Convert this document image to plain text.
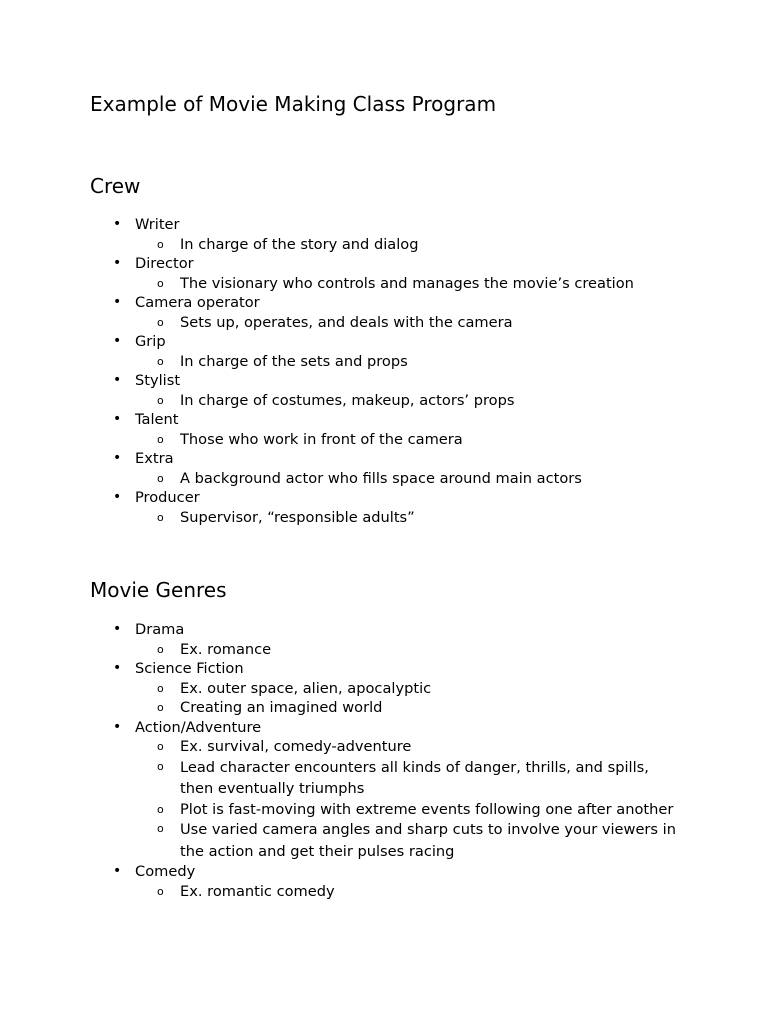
Example of Movie Making Class Program
Crew
• Writer
o In charge of the story and dialog
• Director
o The visionary who controls and manages the movie’s creation
• Camera operator
o Sets up, operates, and deals with the camera
• Grip
o In charge of the sets and props
• Stylist
o In charge of costumes, makeup, actors’ props
• Talent
o Those who work in front of the camera
• Extra
o A background actor who fills space around main actors
• Producer
o Supervisor, “responsible adults”
Movie Genres
• Drama
o Ex. romance
• Science Fiction
o Ex. outer space, alien, apocalyptic
o Creating an imagined world
• Action/Adventure
o Ex. survival, comedy-adventure
o Lead character encounters all kinds of danger, thrills, and spills, then eventually triumphs
o Plot is fast-moving with extreme events following one after another
o Use varied camera angles and sharp cuts to involve your viewers in the action and get their pulses racing
• Comedy
o Ex. romantic comedy
